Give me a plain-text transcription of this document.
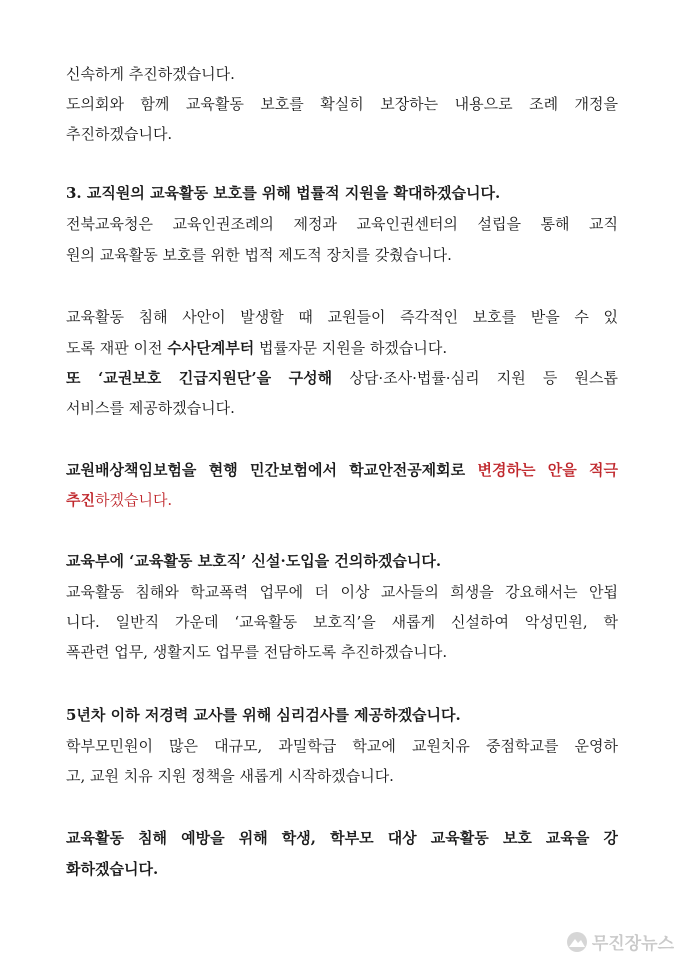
신속하게 추진하겠습니다.
도의회와 함께 교육활동 보호를 확실히 보장하는 내용으로 조례 개정을
추진하겠습니다.
3. 교직원의 교육활동 보호를 위해 법률적 지원을 확대하겠습니다.
전북교육청은 교육인권조례의 제정과 교육인권센터의 설립을 통해 교직
원의 교육활동 보호를 위한 법적 제도적 장치를 갖췄습니다.
교육활동 침해 사안이 발생할 때 교원들이 즉각적인 보호를 받을 수 있
도록 재판 이전 수사단계부터 법률자문 지원을 하겠습니다.
또 ‘교권보호 긴급지원단’을 구성해 상담·조사·법률·심리 지원 등 원스톱
서비스를 제공하겠습니다.
교원배상책임보험을 현행 민간보험에서 학교안전공제회로 변경하는 안을 적극
추진하겠습니다.
교육부에 ‘교육활동 보호직’ 신설·도입을 건의하겠습니다.
교육활동 침해와 학교폭력 업무에 더 이상 교사들의 희생을 강요해서는 안됩
니다. 일반직 가운데 ‘교육활동 보호직’을 새롭게 신설하여 악성민원, 학
폭관련 업무, 생활지도 업무를 전담하도록 추진하겠습니다.
5년차 이하 저경력 교사를 위해 심리검사를 제공하겠습니다.
학부모민원이 많은 대규모, 과밀학급 학교에 교원치유 중점학교를 운영하
고, 교원 치유 지원 정책을 새롭게 시작하겠습니다.
교육활동 침해 예방을 위해 학생, 학부모 대상 교육활동 보호 교육을 강
화하겠습니다.
무진장뉴스
